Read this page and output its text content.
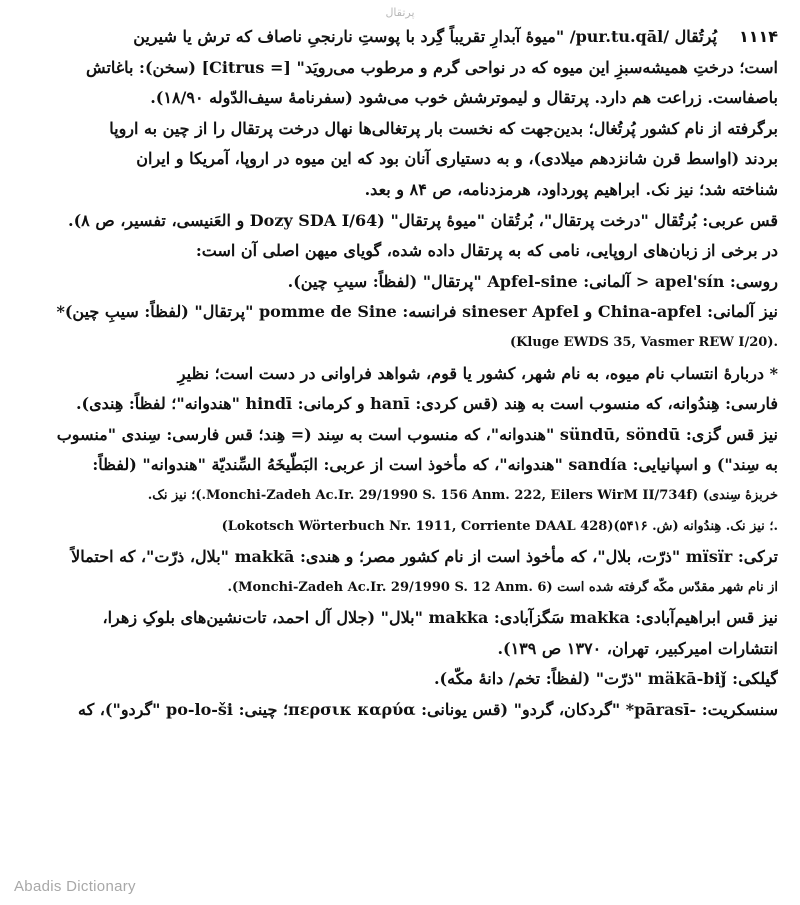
پرتقال
۱۱۱۴پُرتُقال /pur.tu.qāl/ "میوهٔ آبدارِ تقریباً گِرد با پوستِ نارنجیِ ناصاف که ترش یا شیرین
است؛ درختِ همیشه‌سبزِ این میوه که در نواحی گرم و مرطوب می‌رویَد" [= Citrus] (سخن): باغاتش
باصفاست. زراعت هم دارد. پرتقال و لیموترشش خوب می‌شود (سفرنامهٔ سیف‌الدّوله ۱۸/۹۰).
برگرفته از نام کشور پُرتُغال؛ بدین‌جهت که نخست بار پرتغالی‌ها نهال درخت پرتقال را از چین به اروپا
بردند (اواسط قرن شانزدهم میلادی)، و به دستیاری آنان بود که این میوه در اروپا، آمریکا و ایران
شناخته شد؛ نیز نک. ابراهیم پورداود، هرمزدنامه، ص ۸۴ و بعد.
قس عربی: بُرتُقال "درخت پرتقال"، بُرتُقان "میوهٔ پرتقال" (Dozy SDA I/64 و العَنیسی، تفسیر، ص ۸).
در برخی از زبان‌های اروپایی، نامی که به پرتقال داده شده، گویای میهن اصلی آن است:
روسی: apel'sín < آلمانی: Apfel-sine "پرتقال" (لفظاً: سیبِ چین).
نیز آلمانی: China-apfel و sineser Apfel فرانسه: pomme de Sine "پرتقال" (لفظاً: سیبِ چین)*
(Kluge EWDS 35, Vasmer REW I/20).
* دربارهٔ انتساب نام میوه، به نام شهر، کشور یا قوم، شواهد فراوانی در دست است؛ نظیرِ
فارسی: هِندُوانه، که منسوب است به هِند (قس کردی: hanī و کرمانی: hindī "هندوانه"؛ لفظاً: هِندی).
نیز قس گزی: sündū, söndū "هندوانه"، که منسوب است به سِند (= هِند؛ قس فارسی: سِندی "منسوب
به سِند") و اسپانیایی: sandía "هندوانه"، که مأخوذ است از عربی: البَطّیخَهُ السِّندیّة "هندوانه" (لفظاً:
خربزهٔ سِندی) (Monchi-Zadeh Ac.Ir. 29/1990 S. 156 Anm. 222, Eilers WirM II/734f.)؛ نیز نک.
(Lokotsch Wörterbuch Nr. 1911, Corriente DAAL 428)؛ نیز نک. هِندُوانه (ش. ۵۴۱۶).
ترکی: mïsïr "ذرّت، بلال"، که مأخوذ است از نام کشور مصر؛ و هندی: makkā "بلال، ذرّت"، که احتمالاً
از نام شهر مقدّس مکّه گرفته شده است (Monchi-Zadeh Ac.Ir. 29/1990 S. 12 Anm. 6).
نیز قس ابراهیم‌آبادی: makka سَگزآبادی: makka "بلال" (جلال آل احمد، تات‌نشین‌های بلوکِ زهرا،
انتشارات امیرکبیر، تهران، ۱۳۷۰ ص ۱۳۹).
گیلکی: mäkā-biǰ "ذرّت" (لفظاً: تخم/ دانهٔ مکّه).
سنسکریت: -pārasī* "گردکان، گردو" (قس یونانی: περσικ καρύα؛ چینی: po-lo-ši "گردو")، که
Abadis Dictionary
